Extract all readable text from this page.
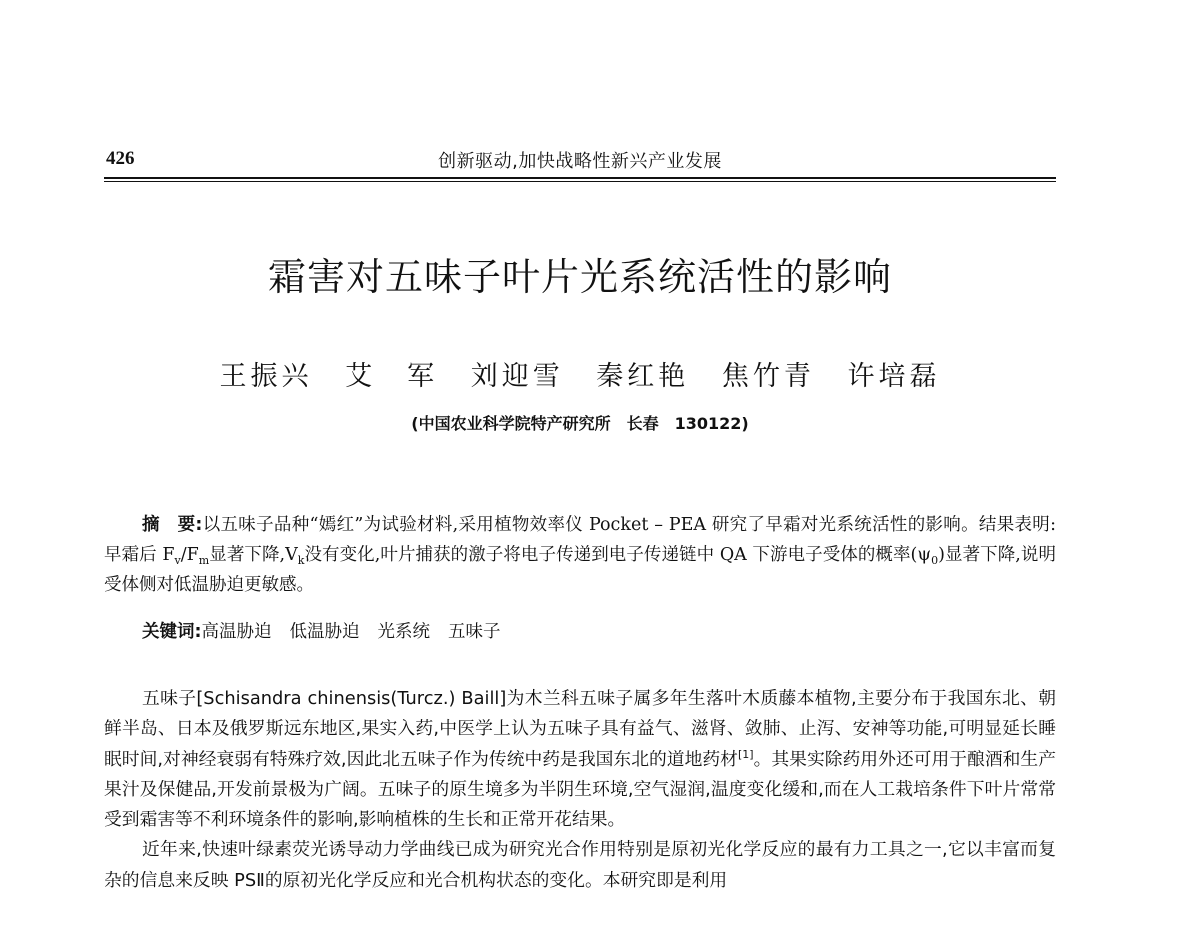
426	创新驱动,加快战略性新兴产业发展
霜害对五味子叶片光系统活性的影响
王振兴 艾　军 刘迎雪 秦红艳 焦竹青 许培磊
(中国农业科学院特产研究所　长春　130122)
摘　要:以五味子品种“嫣红”为试验材料,采用植物效率仪 Pocket – PEA 研究了早霜对光系统活性的影响。结果表明:早霜后 $F_v/F_m$显著下降$,V_k$没有变化,叶片捕获的激子将电子传递到电子传递链中 QA 下游电子受体的概率$(\psi_0)$显著下降,说明受体侧对低温胁迫更敏感。
关键词:高温胁迫 低温胁迫 光系统 五味子

五味子[Schisandra chinensis(Turcz.) Baill]为木兰科五味子属多年生落叶木质藤本植物,主要分布于我国东北、朝鲜半岛、日本及俄罗斯远东地区,果实入药,中医学上认为五味子具有益气、滋肾、敛肺、止泻、安神等功能,可明显延长睡眠时间,对神经衰弱有特殊疗效,因此北五味子作为传统中药是我国东北的道地药材[1]。其果实除药用外还可用于酿酒和生产果汁及保健品,开发前景极为广阔。五味子的原生境多为半阴生环境,空气湿润,温度变化缓和,而在人工栽培条件下叶片常常受到霜害等不利环境条件的影响,影响植株的生长和正常开花结果。

近年来,快速叶绿素荧光诱导动力学曲线已成为研究光合作用特别是原初光化学反应的最有力工具之一,它以丰富而复杂的信息来反映 PSⅡ的原初光化学反应和光合机构状态的变化。本研究即是利用
